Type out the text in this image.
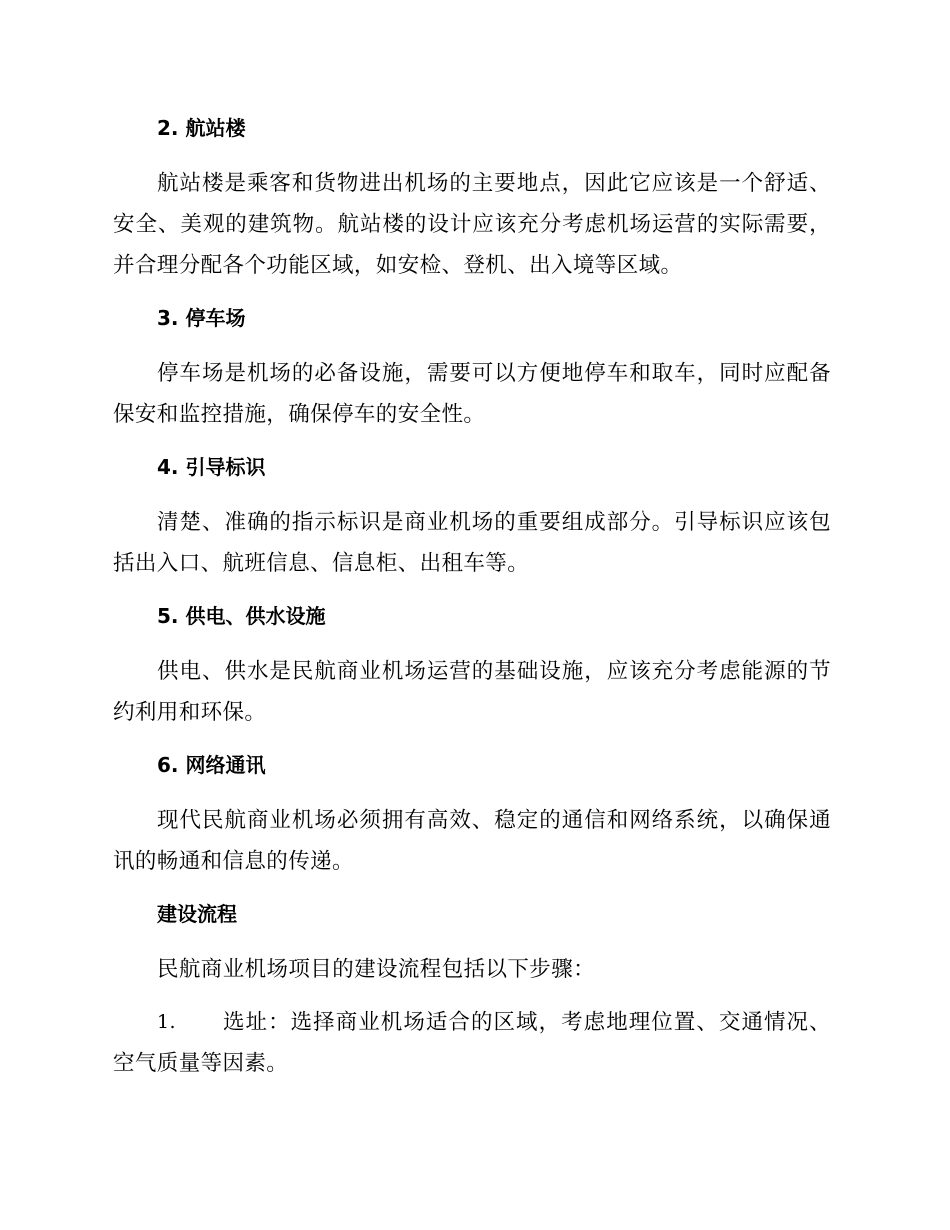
2. 航站楼

航站楼是乘客和货物进出机场的主要地点，因此它应该是一个舒适、安全、美观的建筑物。航站楼的设计应该充分考虑机场运营的实际需要，并合理分配各个功能区域，如安检、登机、出入境等区域。

3. 停车场

停车场是机场的必备设施，需要可以方便地停车和取车，同时应配备保安和监控措施，确保停车的安全性。

4. 引导标识

清楚、准确的指示标识是商业机场的重要组成部分。引导标识应该包括出入口、航班信息、信息柜、出租车等。

5. 供电、供水设施

供电、供水是民航商业机场运营的基础设施，应该充分考虑能源的节约利用和环保。

6. 网络通讯

现代民航商业机场必须拥有高效、稳定的通信和网络系统，以确保通讯的畅通和信息的传递。

建设流程

民航商业机场项目的建设流程包括以下步骤：

1.	选址：选择商业机场适合的区域，考虑地理位置、交通情况、空气质量等因素。
